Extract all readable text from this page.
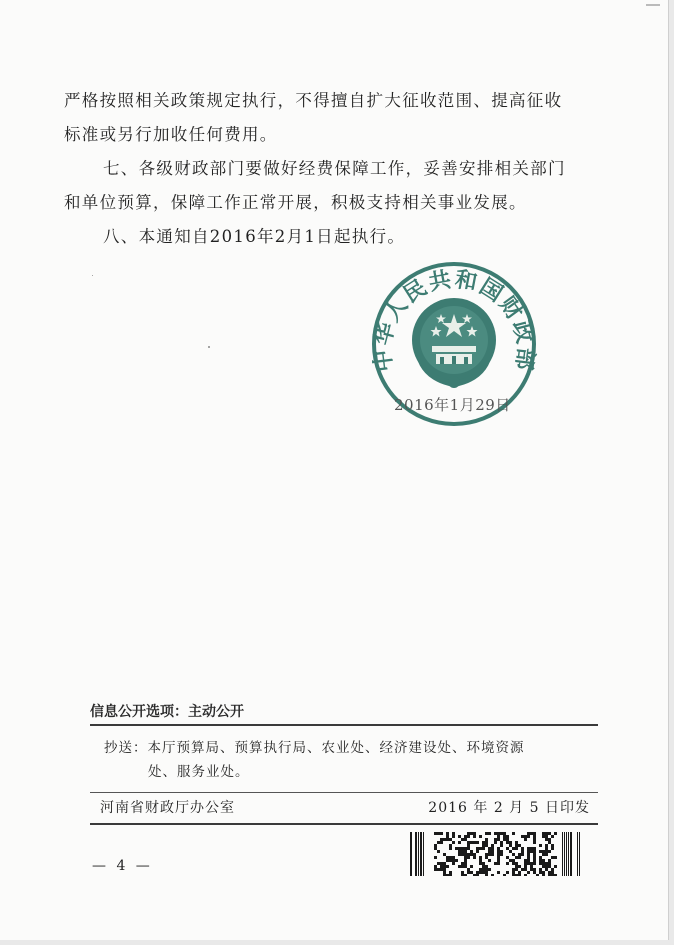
严格按照相关政策规定执行，不得擅自扩大征收范围、提高征收

标准或另行加收任何费用。

七、各级财政部门要做好经费保障工作，妥善安排相关部门

和单位预算，保障工作正常开展，积极支持相关事业发展。

八、本通知自2016年2月1日起执行。

中华人民共和国财政部
2016年1月29日
信息公开选项：主动公开
抄送：本厅预算局、预算执行局、农业处、经济建设处、环境资源
处、服务业处。
河南省财政厅办公室	2016 年 2 月 5 日印发
— 4 —
